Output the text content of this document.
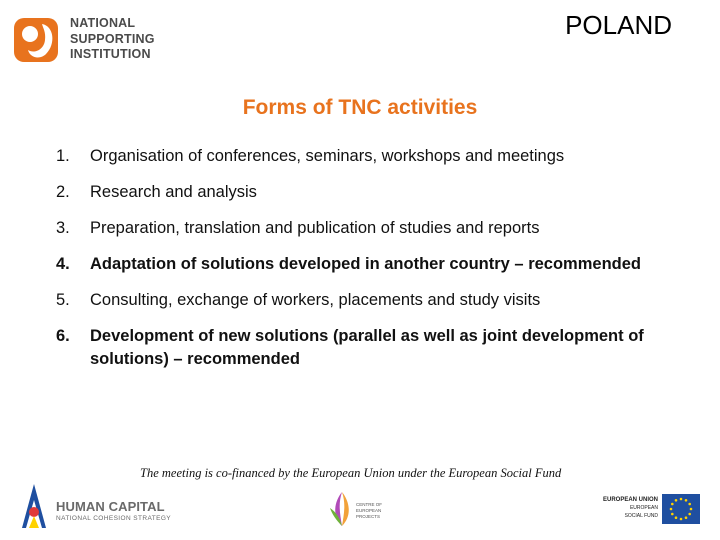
NATIONAL
SUPPORTING
INSTITUTION
POLAND
Forms of TNC activities
1.	Organisation of conferences, seminars, workshops and meetings
2.	Research and analysis
3.	Preparation, translation and publication of studies and reports
4.	Adaptation of solutions developed in another country – recommended
5.	Consulting, exchange of workers, placements and study visits
6.	Development of new solutions (parallel as well as joint development of solutions) – recommended
The meeting is co-financed by the European Union under the European Social Fund
HUMAN CAPITAL
NATIONAL COHESION STRATEGY
CENTRE OF
EUROPEAN PROJECTS
EUROPEAN UNION
EUROPEAN
SOCIAL FUND
